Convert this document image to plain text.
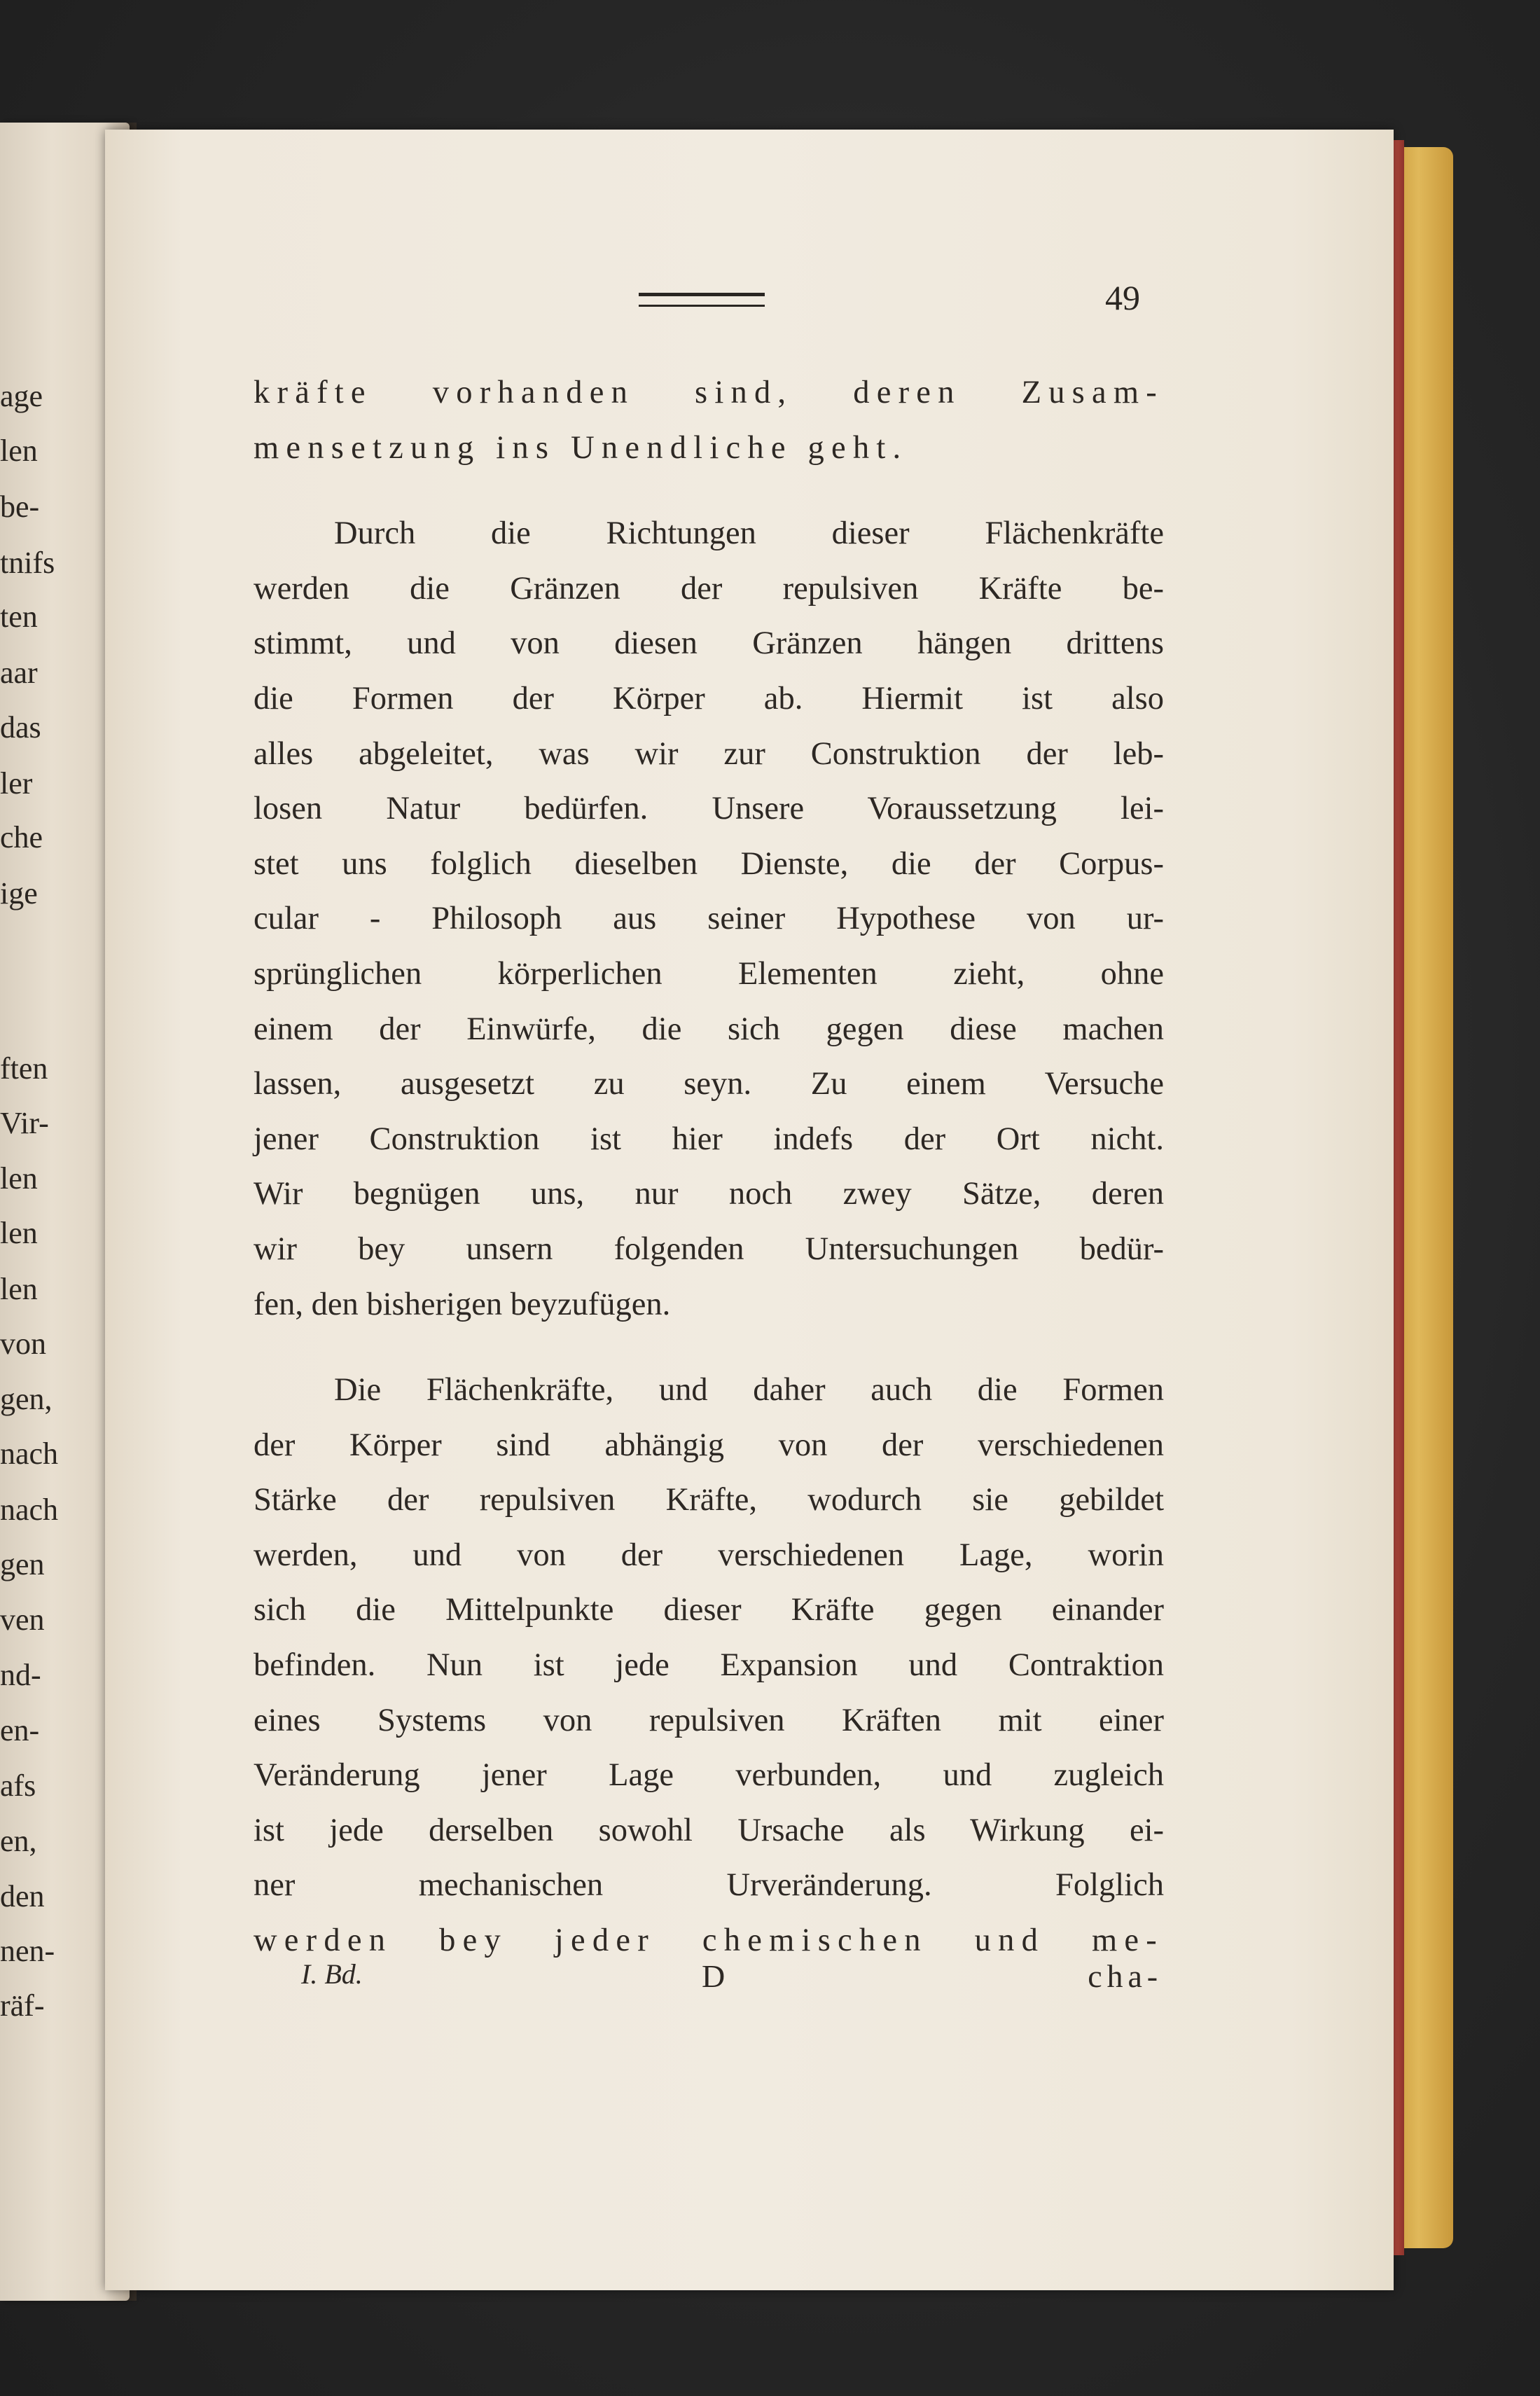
age
len
be-
tnifs
ten
aar
das
ler
che
ige
ften
Vir-
len
len
len
von
gen,
nach
nach
gen
ven
nd-
en-
afs
en,
den
nen-
räf-
49
kräfte vorhanden sind, deren Zusam-
mensetzung ins Unendliche geht.
Durch die Richtungen dieser Flächenkräfte
werden die Gränzen der repulsiven Kräfte be-
stimmt, und von diesen Gränzen hängen drittens
die Formen der Körper ab. Hiermit ist also
alles abgeleitet, was wir zur Construktion der leb-
losen Natur bedürfen. Unsere Voraussetzung lei-
stet uns folglich dieselben Dienste, die der Corpus-
cular - Philosoph aus seiner Hypothese von ur-
sprünglichen körperlichen Elementen zieht, ohne
einem der Einwürfe, die sich gegen diese machen
lassen, ausgesetzt zu seyn. Zu einem Versuche
jener Construktion ist hier indefs der Ort nicht.
Wir begnügen uns, nur noch zwey Sätze, deren
wir bey unsern folgenden Untersuchungen bedür-
fen, den bisherigen beyzufügen.
Die Flächenkräfte, und daher auch die Formen
der Körper sind abhängig von der verschiedenen
Stärke der repulsiven Kräfte, wodurch sie gebildet
werden, und von der verschiedenen Lage, worin
sich die Mittelpunkte dieser Kräfte gegen einander
befinden. Nun ist jede Expansion und Contraktion
eines Systems von repulsiven Kräften mit einer
Veränderung jener Lage verbunden, und zugleich
ist jede derselben sowohl Ursache als Wirkung ei-
ner mechanischen Urveränderung. Folglich
werden bey jeder chemischen und me-
I. Bd.	D	cha-
